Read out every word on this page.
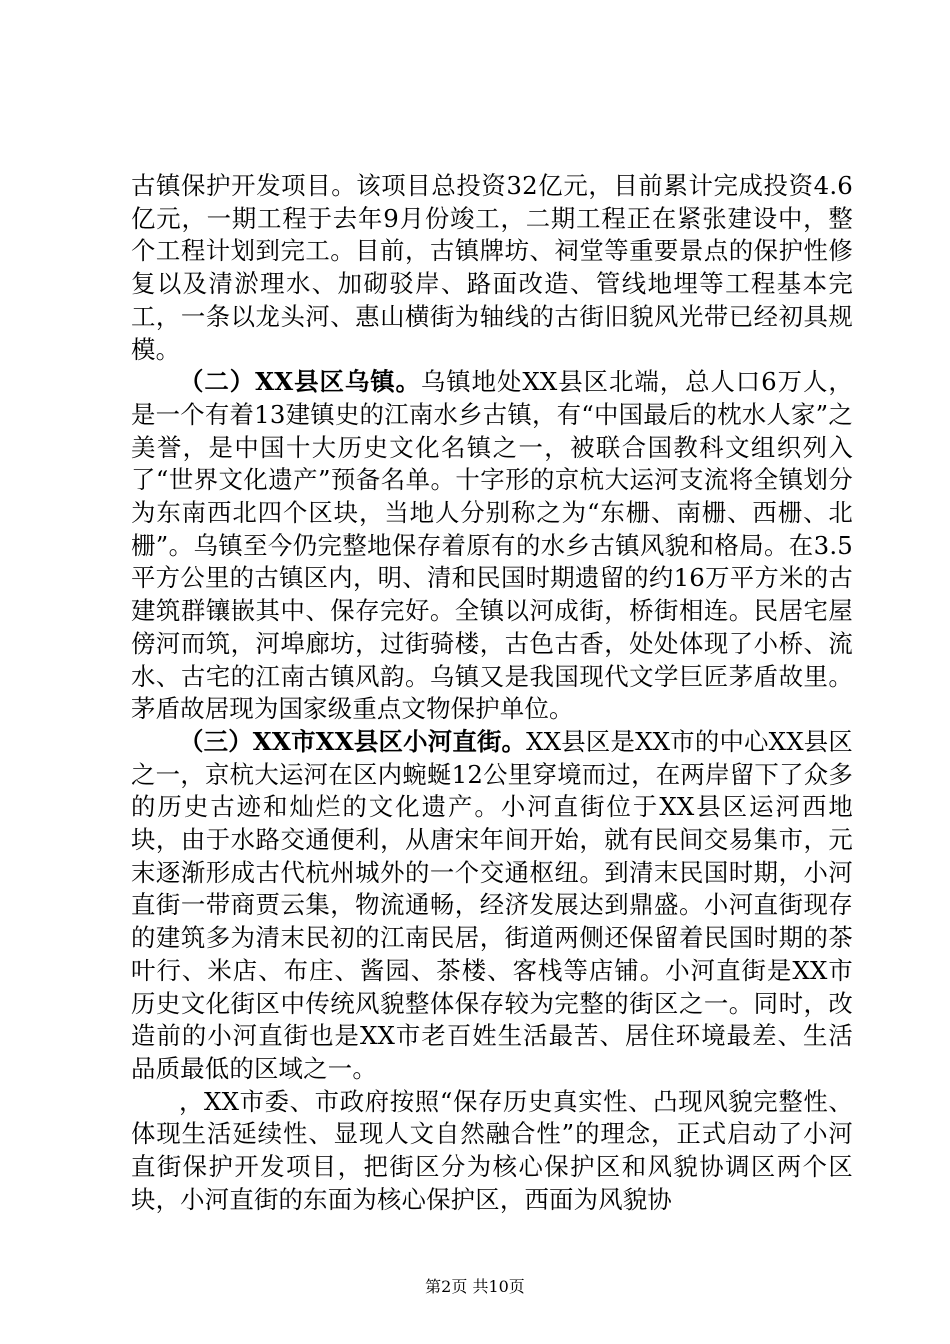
古镇保护开发项目。该项目总投资32亿元，目前累计完成投资4.6亿元，一期工程于去年9月份竣工，二期工程正在紧张建设中，整个工程计划到完工。目前，古镇牌坊、祠堂等重要景点的保护性修复以及清淤理水、加砌驳岸、路面改造、管线地埋等工程基本完工，一条以龙头河、惠山横街为轴线的古街旧貌风光带已经初具规模。

（二）XX县区乌镇。乌镇地处XX县区北端，总人口6万人，是一个有着13建镇史的江南水乡古镇，有“中国最后的枕水人家”之美誉，是中国十大历史文化名镇之一，被联合国教科文组织列入了“世界文化遗产”预备名单。十字形的京杭大运河支流将全镇划分为东南西北四个区块，当地人分别称之为“东栅、南栅、西栅、北栅”。乌镇至今仍完整地保存着原有的水乡古镇风貌和格局。在3.5平方公里的古镇区内，明、清和民国时期遗留的约16万平方米的古建筑群镶嵌其中、保存完好。全镇以河成街，桥街相连。民居宅屋傍河而筑，河埠廊坊，过街骑楼，古色古香，处处体现了小桥、流水、古宅的江南古镇风韵。乌镇又是我国现代文学巨匠茅盾故里。茅盾故居现为国家级重点文物保护单位。

（三）XX市XX县区小河直街。XX县区是XX市的中心XX县区之一，京杭大运河在区内蜿蜒12公里穿境而过，在两岸留下了众多的历史古迹和灿烂的文化遗产。小河直街位于XX县区运河西地块，由于水路交通便利，从唐宋年间开始，就有民间交易集市，元末逐渐形成古代杭州城外的一个交通枢纽。到清末民国时期，小河直街一带商贾云集，物流通畅，经济发展达到鼎盛。小河直街现存的建筑多为清末民初的江南民居，街道两侧还保留着民国时期的茶叶行、米店、布庄、酱园、茶楼、客栈等店铺。小河直街是XX市历史文化街区中传统风貌整体保存较为完整的街区之一。同时，改造前的小河直街也是XX市老百姓生活最苦、居住环境最差、生活品质最低的区域之一。

，XX市委、市政府按照“保存历史真实性、凸现风貌完整性、体现生活延续性、显现人文自然融合性”的理念，正式启动了小河直街保护开发项目，把街区分为核心保护区和风貌协调区两个区块，小河直街的东面为核心保护区，西面为风貌协

第2页 共10页
